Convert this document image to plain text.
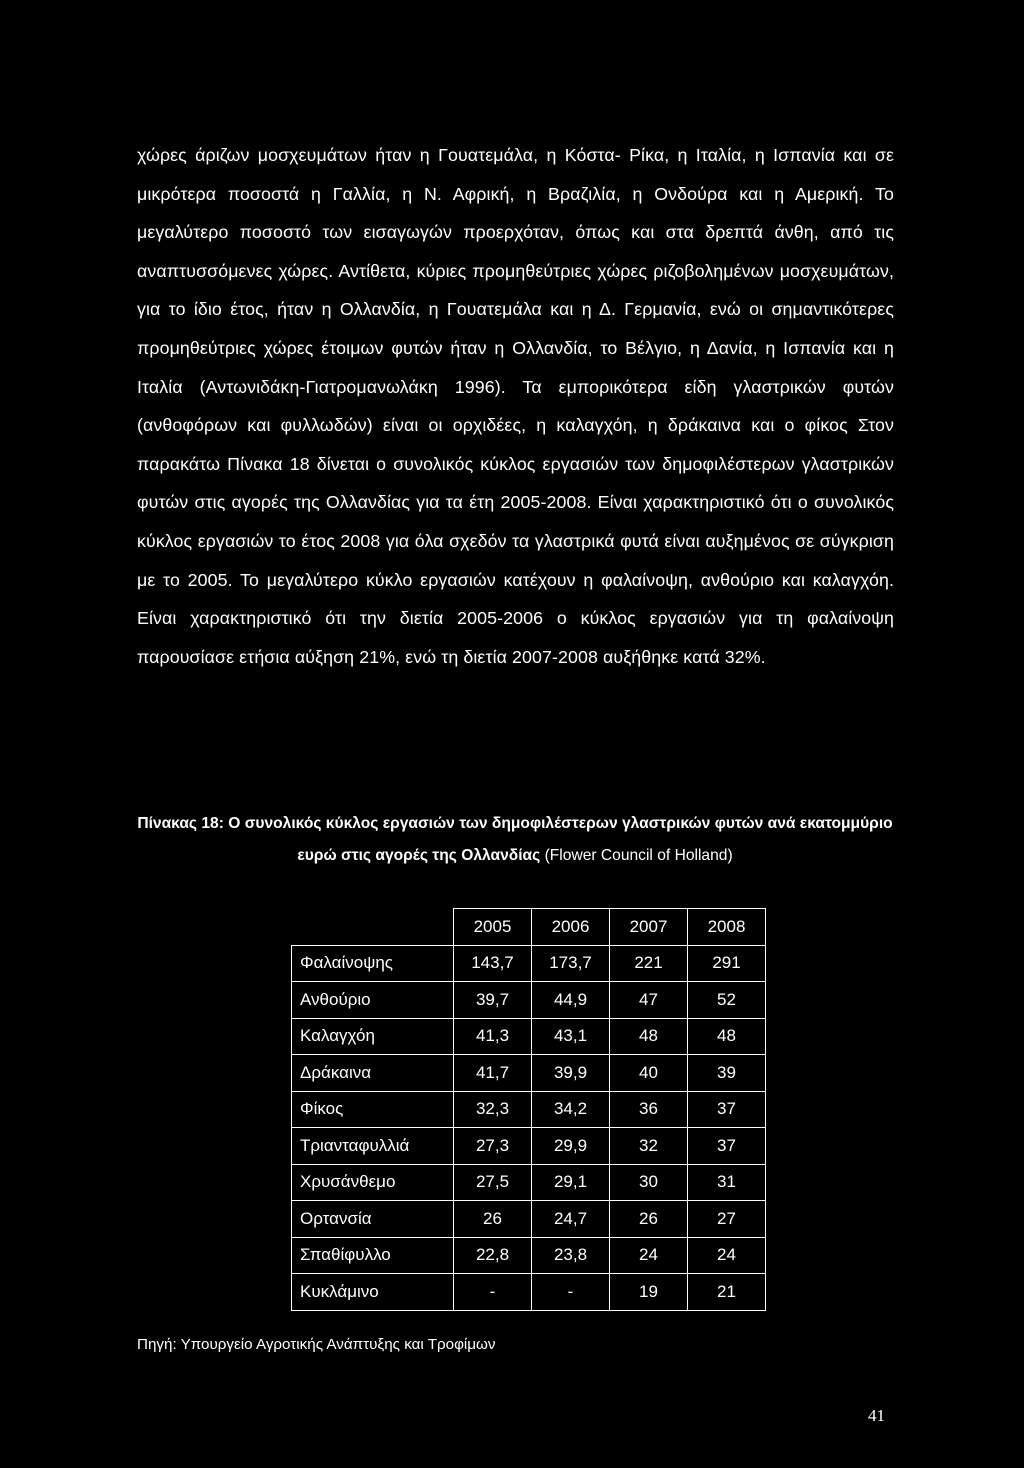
χώρες άριζων μοσχευμάτων ήταν η Γουατεμάλα, η Κόστα- Ρίκα, η Ιταλία, η Ισπανία και σε μικρότερα ποσοστά η Γαλλία, η Ν. Αφρική, η Βραζιλία, η Ονδούρα και η Αμερική. Το μεγαλύτερο ποσοστό των εισαγωγών προερχόταν, όπως και στα δρεπτά άνθη, από τις αναπτυσσόμενες χώρες. Αντίθετα, κύριες προμηθεύτριες χώρες ριζοβολημένων μοσχευμάτων, για το ίδιο έτος, ήταν η Ολλανδία, η Γουατεμάλα και η Δ. Γερμανία, ενώ οι σημαντικότερες προμηθεύτριες χώρες έτοιμων φυτών ήταν η Ολλανδία, το Βέλγιο, η Δανία, η Ισπανία και η Ιταλία (Αντωνιδάκη-Γιατρομανωλάκη 1996). Τα εμπορικότερα είδη γλαστρικών φυτών (ανθοφόρων και φυλλωδών) είναι οι ορχιδέες, η καλαγχόη, η δράκαινα και ο φίκος Στον παρακάτω Πίνακα 18 δίνεται ο συνολικός κύκλος εργασιών των δημοφιλέστερων γλαστρικών φυτών στις αγορές της Ολλανδίας για τα έτη 2005-2008. Είναι χαρακτηριστικό ότι ο συνολικός κύκλος εργασιών το έτος 2008 για όλα σχεδόν τα γλαστρικά φυτά είναι αυξημένος σε σύγκριση με το 2005. Το μεγαλύτερο κύκλο εργασιών κατέχουν η φαλαίνοψη, ανθούριο και καλαγχόη. Είναι χαρακτηριστικό ότι την διετία 2005-2006 ο κύκλος εργασιών για τη φαλαίνοψη παρουσίασε ετήσια αύξηση 21%, ενώ τη διετία 2007-2008 αυξήθηκε κατά 32%.

Πίνακας 18: Ο συνολικός κύκλος εργασιών των δημοφιλέστερων γλαστρικών φυτών ανά εκατομμύριο ευρώ στις αγορές της Ολλανδίας (Flower Council of Holland)

	2005	2006	2007	2008
Φαλαίνοψης	143,7	173,7	221	291
Ανθούριο	39,7	44,9	47	52
Καλαγχόη	41,3	43,1	48	48
Δράκαινα	41,7	39,9	40	39
Φίκος	32,3	34,2	36	37
Τριανταφυλλιά	27,3	29,9	32	37
Χρυσάνθεμο	27,5	29,1	30	31
Ορτανσία	26	24,7	26	27
Σπαθίφυλλο	22,8	23,8	24	24
Κυκλάμινο	-	-	19	21
Πηγή: Υπουργείο Αγροτικής Ανάπτυξης και Τροφίμων
41
